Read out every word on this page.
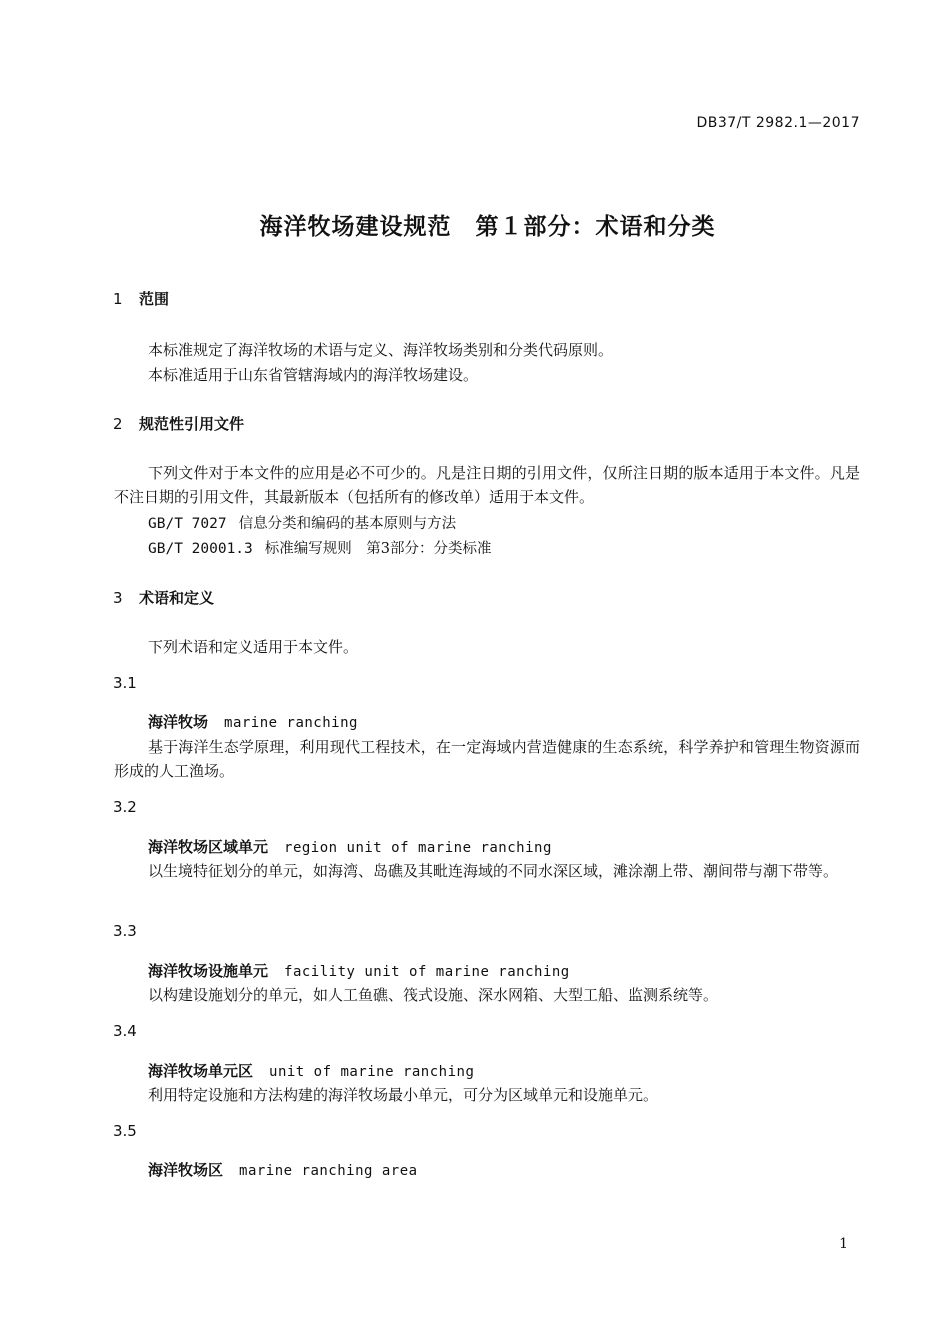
DB37/T 2982.1—2017
海洋牧场建设规范　第１部分：术语和分类
1 范围
本标准规定了海洋牧场的术语与定义、海洋牧场类别和分类代码原则。
本标准适用于山东省管辖海域内的海洋牧场建设。
2 规范性引用文件
下列文件对于本文件的应用是必不可少的。凡是注日期的引用文件，仅所注日期的版本适用于本文件。凡是不注日期的引用文件，其最新版本（包括所有的修改单）适用于本文件。
GB/T 7027 信息分类和编码的基本原则与方法
GB/T 20001.3 标准编写规则　第3部分：分类标准
3 术语和定义
下列术语和定义适用于本文件。
3.1
海洋牧场 marine ranching
基于海洋生态学原理，利用现代工程技术，在一定海域内营造健康的生态系统，科学养护和管理生物资源而形成的人工渔场。
3.2
海洋牧场区域单元 region unit of marine ranching
以生境特征划分的单元，如海湾、岛礁及其毗连海域的不同水深区域，滩涂潮上带、潮间带与潮下带等。
3.3
海洋牧场设施单元 facility unit of marine ranching
以构建设施划分的单元，如人工鱼礁、筏式设施、深水网箱、大型工船、监测系统等。
3.4
海洋牧场单元区 unit of marine ranching
利用特定设施和方法构建的海洋牧场最小单元，可分为区域单元和设施单元。
3.5
海洋牧场区 marine ranching area
1
